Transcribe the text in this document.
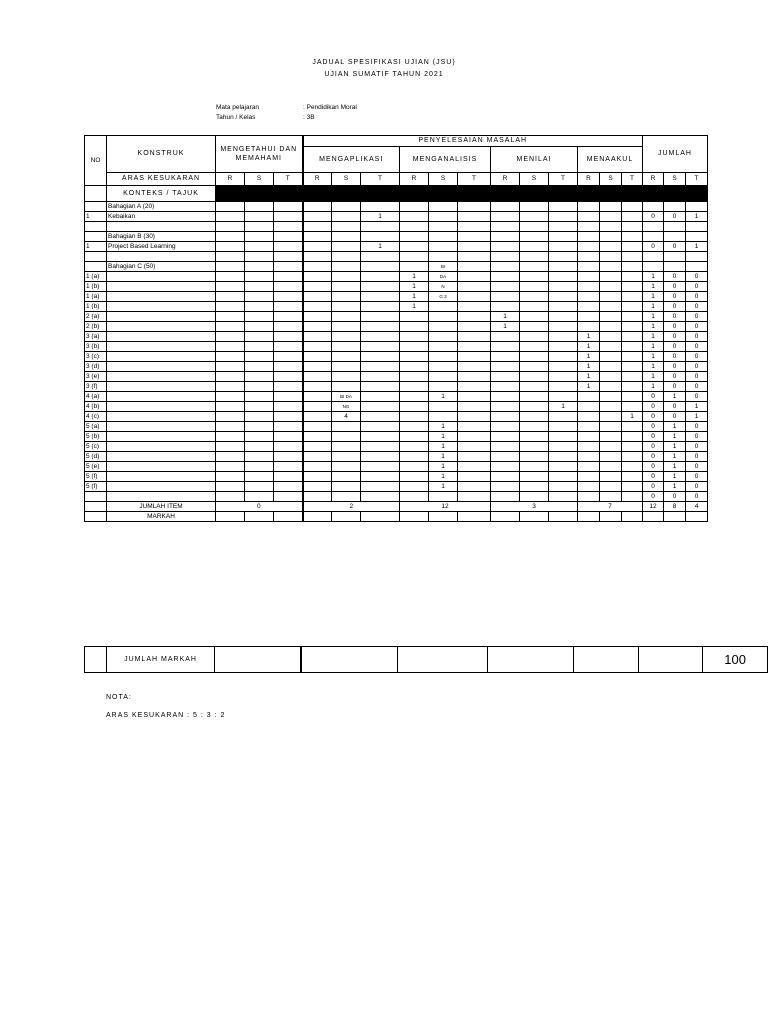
JADUAL SPESIFIKASI UJIAN (JSU)
UJIAN SUMATIF TAHUN 2021
Mata pelajaran	: Pendidikan Moral
Tahun / Kelas	: 3B
NO	KONSTRUK	MENGETAHUI DAN MEMAHAMI			PENYELESAIAN MASALAH												JUMLAH		
					MENGAPLIKASI			MENGANALISIS			MENILAI			MENAAKUL					
	ARAS KESUKARAN	R	S	T	R	S	T	R	S	T	R	S	T	R	S	T	R	S	T
	KONTEKS / TAJUK																		
	Bahagian A (20)																		
1	Kebaikan						1										0	0	1

	Bahagian B (30)																		
1	Project Based Learning						1										0	0	1

	Bahagian C (50)								BI										
1 (a)								1	DA								1	0	0
1 (b)								1	N								1	0	0
1 (a)								1	G 3								1	0	0
1 (b)								1									1	0	0
2 (a)											1						1	0	0
2 (b)											1						1	0	0
3 (a)														1			1	0	0
3 (b)														1			1	0	0
3 (c)														1			1	0	0
3 (d)														1			1	0	0
3 (e)														1			1	0	0
3 (f)														1			1	0	0
4 (a)						BI DA			1								0	1	0
4 (b)						NG							1				0	0	1
4 (c)						4										1	0	0	1
5 (a)									1								0	1	0
5 (b)									1								0	1	0
5 (c)									1								0	1	0
5 (d)									1								0	1	0
5 (e)									1								0	1	0
5 (f)									1								0	1	0
5 (f)									1								0	1	0
																	0	0	0
	JUMLAH ITEM	0			2			12			3			7			12	8	4
	MARKAH																		
	JUMLAH MARKAH							100
NOTA:
ARAS KESUKARAN : 5 : 3 : 2
